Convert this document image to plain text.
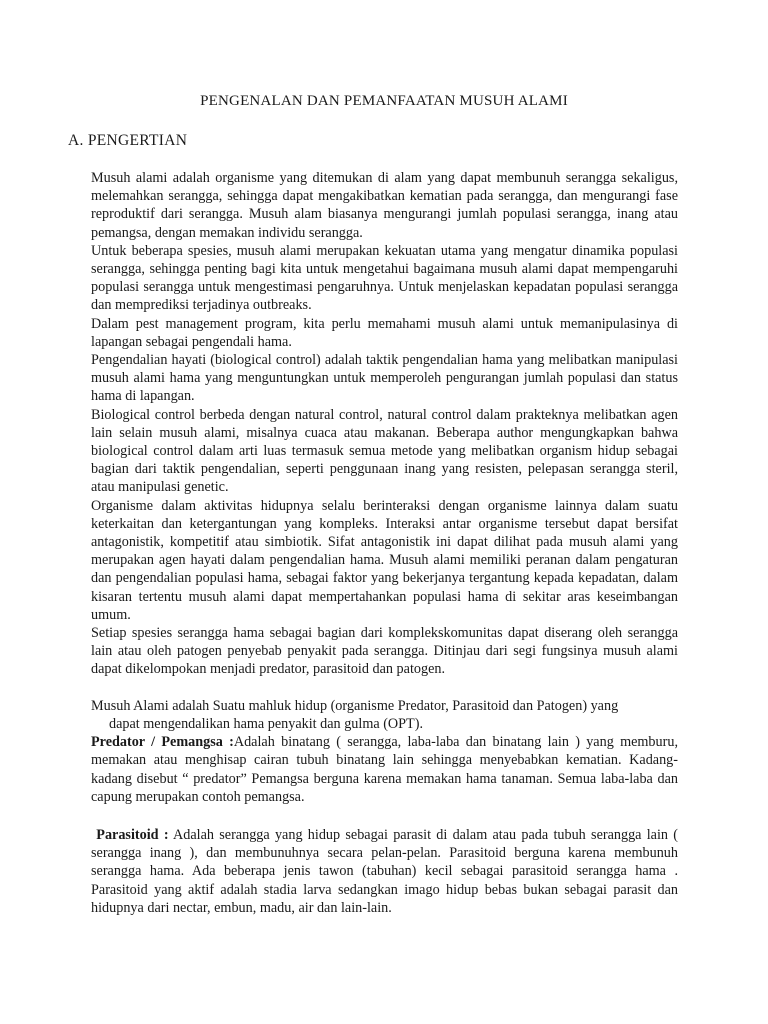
PENGENALAN DAN PEMANFAATAN MUSUH ALAMI
A. PENGERTIAN

Musuh alami adalah organisme yang ditemukan di alam yang dapat membunuh serangga sekaligus, melemahkan serangga, sehingga dapat mengakibatkan kematian pada serangga, dan mengurangi fase reproduktif dari serangga. Musuh alam biasanya mengurangi jumlah populasi serangga, inang atau pemangsa, dengan memakan individu serangga.

Untuk beberapa spesies, musuh alami merupakan kekuatan utama yang mengatur dinamika populasi serangga, sehingga penting bagi kita untuk mengetahui bagaimana musuh alami dapat mempengaruhi populasi serangga untuk mengestimasi pengaruhnya. Untuk menjelaskan kepadatan populasi serangga dan memprediksi terjadinya outbreaks.

Dalam pest management program, kita perlu memahami musuh alami untuk memanipulasinya di lapangan sebagai pengendali hama.

Pengendalian hayati (biological control) adalah taktik pengendalian hama yang melibatkan manipulasi musuh alami hama yang menguntungkan untuk memperoleh pengurangan jumlah populasi dan status hama di lapangan.

Biological control berbeda dengan natural control, natural control dalam prakteknya melibatkan agen lain selain musuh alami, misalnya cuaca atau makanan. Beberapa author mengungkapkan bahwa biological control dalam arti luas termasuk semua metode yang melibatkan organism hidup sebagai bagian dari taktik pengendalian, seperti penggunaan inang yang resisten, pelepasan serangga steril, atau manipulasi genetic.

Organisme dalam aktivitas hidupnya selalu berinteraksi dengan organisme lainnya dalam suatu keterkaitan dan ketergantungan yang kompleks. Interaksi antar organisme tersebut dapat bersifat antagonistik, kompetitif atau simbiotik. Sifat antagonistik ini dapat dilihat pada musuh alami yang merupakan agen hayati dalam pengendalian hama. Musuh alami memiliki peranan dalam pengaturan dan pengendalian populasi hama, sebagai faktor yang bekerjanya tergantung kepada kepadatan, dalam kisaran tertentu musuh alami dapat mempertahankan populasi hama di sekitar aras keseimbangan umum.

Setiap spesies serangga hama sebagai bagian dari komplekskomunitas dapat diserang oleh serangga lain atau oleh patogen penyebab penyakit pada serangga. Ditinjau dari segi fungsinya musuh alami dapat dikelompokan menjadi predator, parasitoid dan patogen.

Musuh Alami adalah Suatu mahluk hidup (organisme Predator, Parasitoid dan Patogen) yang
dapat mengendalikan hama penyakit dan gulma (OPT).

Predator / Pemangsa :Adalah binatang ( serangga, laba-laba dan binatang lain ) yang memburu, memakan atau menghisap cairan tubuh binatang lain sehingga menyebabkan kematian. Kadang-kadang disebut “ predator” Pemangsa berguna karena memakan hama tanaman. Semua laba-laba dan capung merupakan contoh pemangsa.

Parasitoid : Adalah serangga yang hidup sebagai parasit di dalam atau pada tubuh serangga lain ( serangga inang ), dan membunuhnya secara pelan-pelan. Parasitoid berguna karena membunuh serangga hama. Ada beberapa jenis tawon (tabuhan) kecil sebagai parasitoid serangga hama . Parasitoid yang aktif adalah stadia larva sedangkan imago hidup bebas bukan sebagai parasit dan hidupnya dari nectar, embun, madu, air dan lain-lain.
